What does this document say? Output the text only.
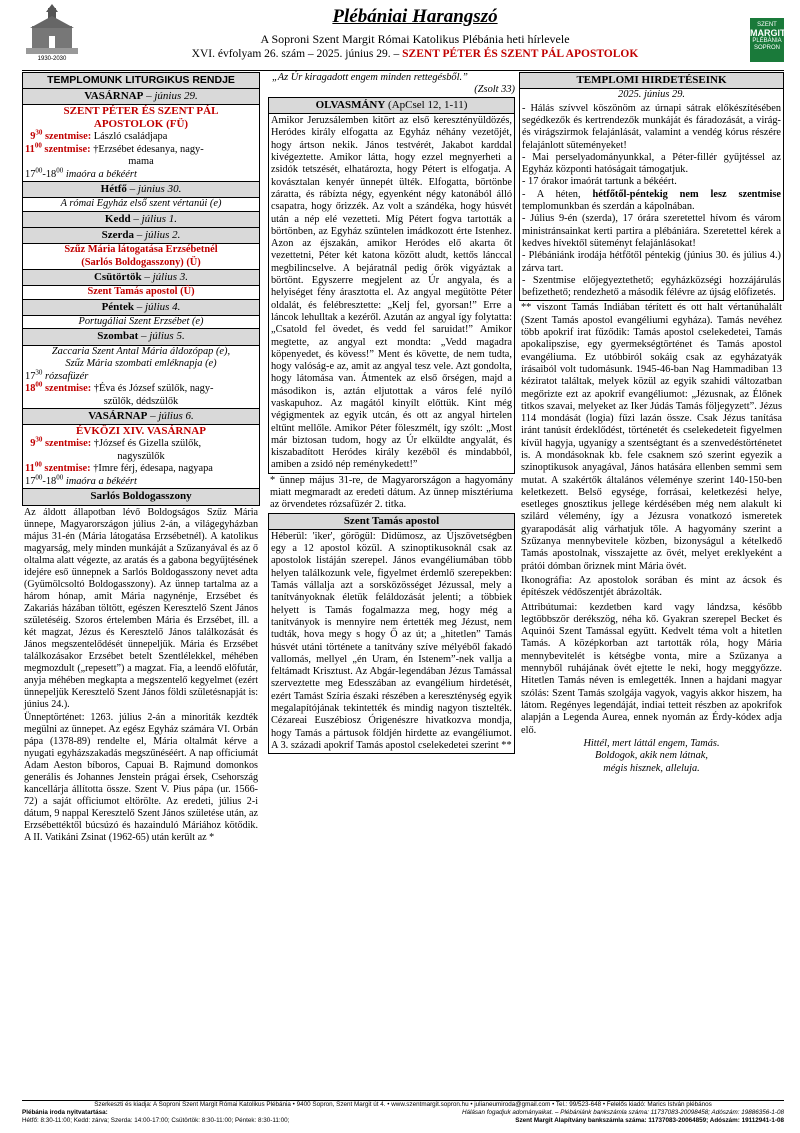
1930-2030
SZENT
MARGIT
PLÉBÁNIA SOPRON
Plébániai Harangszó
A Soproni Szent Margit Római Katolikus Plébánia heti hírlevele
XVI. évfolyam 26. szám – 2025. június 29. – SZENT PÉTER ÉS SZENT PÁL APOSTOLOK
TEMPLOMUNK LITURGIKUS RENDJE
VASÁRNAP – június 29.
SZENT PÉTER ÉS SZENT PÁL
APOSTOLOK (FÜ)
$9^{30}$ szentmise: László családjapa
$11^{00}$ szentmise: †Erzsébet édesanya, nagy-
mama
$17^{00}-18^{00}$ imaóra a békéért
Hétfő – június 30.
A római Egyház első szent vértanúi (e)
Kedd – július 1.
Szerda – július 2.
Szűz Mária látogatása Erzsébetnél
(Sarlós Boldogasszony) (Ü)
Csütörtök – július 3.
Szent Tamás apostol (Ü)
Péntek – július 4.
Portugáliai Szent Erzsébet (e)
Szombat – július 5.
Zaccaria Szent Antal Mária áldozópap (e),
Szűz Mária szombati emléknapja (e)
$17^{30}$ rózsafüzér
$18^{00}$ szentmise: †Éva és József szülők, nagy-
szülők, dédszülők
VASÁRNAP – július 6.
ÉVKÖZI XIV. VASÁRNAP
$9^{30}$ szentmise: †József és Gizella szülők,
nagyszülők
$11^{00}$ szentmise: †Imre férj, édesapa, nagyapa
$17^{00}-18^{00}$ imaóra a békéért
Sarlós Boldogasszony
Az áldott állapotban lévő Boldogságos Szűz Mária ünnepe, Magyarországon július 2-án, a világegyházban május 31-én (Mária látogatása Erzsébetnél). A katolikus magyarság, mely minden munkáját a Szűzanyával és az ő oltalma alatt végezte, az aratás és a gabona begyűjtésének idejére eső ünnepnek a Sarlós Boldogasszony nevet adta (Gyümölcsoltó Boldogasszony). Az ünnep tartalma az a három hónap, amit Mária nagynénje, Erzsébet és Zakariás házában töltött, egészen Keresztelő Szent János születéséig. Szoros értelemben Mária és Erzsébet, ill. a két magzat, Jézus és Keresztelő János találkozását és János megszentelődését ünnepeljük. Mária és Erzsébet találkozásakor Erzsébet betelt Szentlélekkel, méhében megmozdult („repesett”) a magzat. Fia, a leendő előfutár, anyja méhében megkapta a megszentelő kegyelmet (ezért ünnepeljük Keresztelő Szent János földi születésnapját is: június 24.).
Ünneptörténet: 1263. július 2-án a minoriták kezdték megülni az ünnepet. Az egész Egyház számára VI. Orbán pápa (1378-89) rendelte el, Mária oltalmát kérve a nyugati egyházszakadás megszűnéséért. A nap officiumát Adam Aeston bíboros, Capuai B. Rajmund domonkos generális és Johannes Jenstein prágai érsek, Csehország kancellárja állította össze. Szent V. Pius pápa (ur. 1566-72) a saját officiumot eltörölte. Az eredeti, július 2-i dátum, 9 nappal Keresztelő Szent János születése után, az Erzsébettéktől búcsúzó és hazainduló Máriához kötődik. A II. Vatikáni Zsinat (1962-65) után került az *
„Az Úr kiragadott engem minden rettegésből.”
(Zsolt 33)
OLVASMÁNY (ApCsel 12, 1-11)
Amikor Jeruzsálemben kitört az első keresztényüldözés, Heródes király elfogatta az Egyház néhány vezetőjét, hogy ártson nekik. János testvérét, Jakabot karddal kivégeztette. Amikor látta, hogy ezzel megnyerheti a zsidók tetszését, elhatározta, hogy Pétert is elfogatja. A kovásztalan kenyér ünnepét ülték. Elfogatta, börtönbe záratta, és rábízta négy, egyenként négy katonából álló csapatra, hogy őrizzék. Az volt a szándéka, hogy húsvét után a nép elé vezetteti. Míg Pétert fogva tartották a börtönben, az Egyház szüntelen imádkozott érte Istenhez. Azon az éjszakán, amikor Heródes elő akarta őt vezettetni, Péter két katona között aludt, kettős lánccal megbilincselve. A bejáratnál pedig őrök vigyáztak a börtönt. Egyszerre megjelent az Úr angyala, és a helyiséget fény árasztotta el. Az angyal megütötte Péter oldalát, és felébresztette: „Kelj fel, gyorsan!” Erre a láncok lehulltak a kezéről. Azután az angyal így folytatta: „Csatold fel övedet, és vedd fel saruidat!” Amikor megtette, az angyal ezt mondta: „Vedd magadra köpenyedet, és kövess!” Ment és követte, de nem tudta, hogy valóság-e az, amit az angyal tesz vele. Azt gondolta, hogy látomása van. Átmentek az első őrségen, majd a másodikon is, aztán eljutottak a város felé nyíló vaskapuhoz. Az magától kinyílt előttük. Kint még végigmentek az egyik utcán, és ott az angyal hirtelen eltűnt mellőle. Amikor Péter föleszmélt, így szólt: „Most már biztosan tudom, hogy az Úr elküldte angyalát, és kiszabadított Heródes király kezéből és mindabból, amiben a zsidó nép reménykedett!”
* ünnep május 31-re, de Magyarországon a hagyomány miatt megmaradt az eredeti dátum. Az ünnep misztériuma az örvendetes rózsafüzér 2. titka.
Szent Tamás apostol
Héberül: 'iker', görögül: Didümosz, az Újszövetségben egy a 12 apostol közül. A szinoptikusoknál csak az apostolok listáján szerepel. János evangéliumában több helyen találkozunk vele, figyelmet érdemlő szerepekben: Tamás vállalja azt a sorsközösséget Jézussal, mely a tanítványoknak életük feláldozását jelenti; a többiek helyett is Tamás fogalmazza meg, hogy még a tanítványok is mennyire nem értették meg Jézust, nem tudták, hova megy s hogy Ő az út; a „hitetlen” Tamás húsvét utáni története a tanítvány szíve mélyéből fakadó vallomás, mellyel „én Uram, én Istenem”-nek vallja a feltámadt Krisztust. Az Abgár-legendában Jézus Tamással szerveztette meg Edesszában az evangélium hirdetését, ezért Tamást Szíria északi részében a kereszténység egyik megalapítójának tekintették és mindig nagyon tisztelték. Cézareai Euszébiosz Órigenészre hivatkozva mondja, hogy Tamás a pártusok földjén hirdette az evangéliumot. A 3. századi apokrif Tamás apostol cselekedetei szerint **
TEMPLOMI HIRDETÉSEINK
2025. június 29.
- Hálás szívvel köszönöm az úrnapi sátrak előkészítésében segédkezők és kertrendezők munkáját és fáradozását, a virág- és virágszirmok felajánlását, valamint a vendég kórus részére felajánlott süteményeket!
- Mai perselyadományunkkal, a Péter-fillér gyűjtéssel az Egyház központi hatóságait támogatjuk.
- 17 órakor imaórát tartunk a békéért.
- A héten, hétfőtől-péntekig nem lesz szentmise templomunkban és szerdán a kápolnában.
- Július 9-én (szerda), 17 órára szeretettel hívom és várom ministránsainkat kerti partira a plébániára. Szeretettel kérek a kedves hívektől süteményt felajánlásokat!
- Plébániánk irodája hétfőtől péntekig (június 30. és július 4.) zárva tart.
- Szentmise előjegyeztethető; egyházközségi hozzájárulás befizethető; rendezhető a második félévre az újság előfizetés.
** viszont Tamás Indiában térített és ott halt vértanúhalált (Szent Tamás apostol evangéliumi egyháza). Tamás nevéhez több apokrif irat fűződik: Tamás apostol cselekedetei, Tamás apokalipszise, egy gyermekségtörténet és Tamás apostol evangéliuma. Ez utóbbiról sokáig csak az egyházatyák írásaiból volt tudomásunk. 1945-46-ban Nag Hammadiban 13 kéziratot találtak, melyek közül az egyik szahidi változatban megőrizte ezt az apokrif evangéliumot: „Jézusnak, az Élőnek titkos szavai, melyeket az Iker Júdás Tamás följegyzett”. Jézus 114 mondását (logia) fűzi lazán össze. Csak Jézus tanítása iránt tanúsít érdeklődést, történetét és cselekedeteit figyelmen kívül hagyja, ugyanígy a szentségtant és a szenvedéstörténetet is. A mondásoknak kb. fele csaknem szó szerint egyezik a szinoptikusok anyagával, János hatására ellenben semmi sem mutat. A szakértők általános véleménye szerint 140-150-ben keletkezett. Belső egysége, forrásai, keletkezési helye, esetleges gnosztikus jellege kérdésében még nem alakult ki szilárd vélemény, így a Jézusra vonatkozó ismeretek gyarapodását alig várhatjuk tőle. A hagyomány szerint a Szűzanya mennybevitele közben, bizonyságul a kételkedő Tamás apostolnak, visszajette az övét, melyet ereklyeként a prátói dómban őriznek mint Mária övét.
Ikonográfia: Az apostolok sorában és mint az ácsok és építészek védőszentjét ábrázolták.
Attribútumai: kezdetben kard vagy lándzsa, később legtöbbször derékszög, néha kő. Gyakran szerepel Becket és Aquinói Szent Tamással együtt. Kedvelt téma volt a hitetlen Tamás. A középkorban azt tartották róla, hogy Mária mennybevitelét is kétségbe vonta, mire a Szűzanya a mennyből ruhájának övét ejtette le neki, hogy meggyőzze. Hitetlen Tamás néven is emlegették. Innen a hajdani magyar szólás: Szent Tamás szolgája vagyok, vagyis akkor hiszem, ha látom. Regényes legendáját, indiai tetteit részben az apokrifok alapján a Legenda Aurea, ennek nyomán az Érdy-kódex adja elő.
Hittél, mert láttál engem, Tamás.
Boldogok, akik nem látnak,
mégis hisznek, alleluja.
Szerkeszti és kiadja: A Soproni Szent Margit Római Katolikus Plébánia • 9400 Sopron, Szent Margit út 4. • www.szentmargit.sopron.hu • julianeumiroda@gmail.com • Tel.: 99/523-648 • Felelős kiadó: Marics István plébános
Plébánia iroda nyitvatartása:	Hálásan fogadjuk adományaikat. – Plébániánk bankszámla száma: 11737083-20098458; Adószám: 19886356-1-08
Hétfő: 8:30-11:00; Kedd: zárva; Szerda: 14:00-17:00; Csütörtök: 8:30-11:00; Péntek: 8:30-11:00;	Szent Margit Alapítvány bankszámla száma: 11737083-20064859; Adószám: 19112941-1-08
